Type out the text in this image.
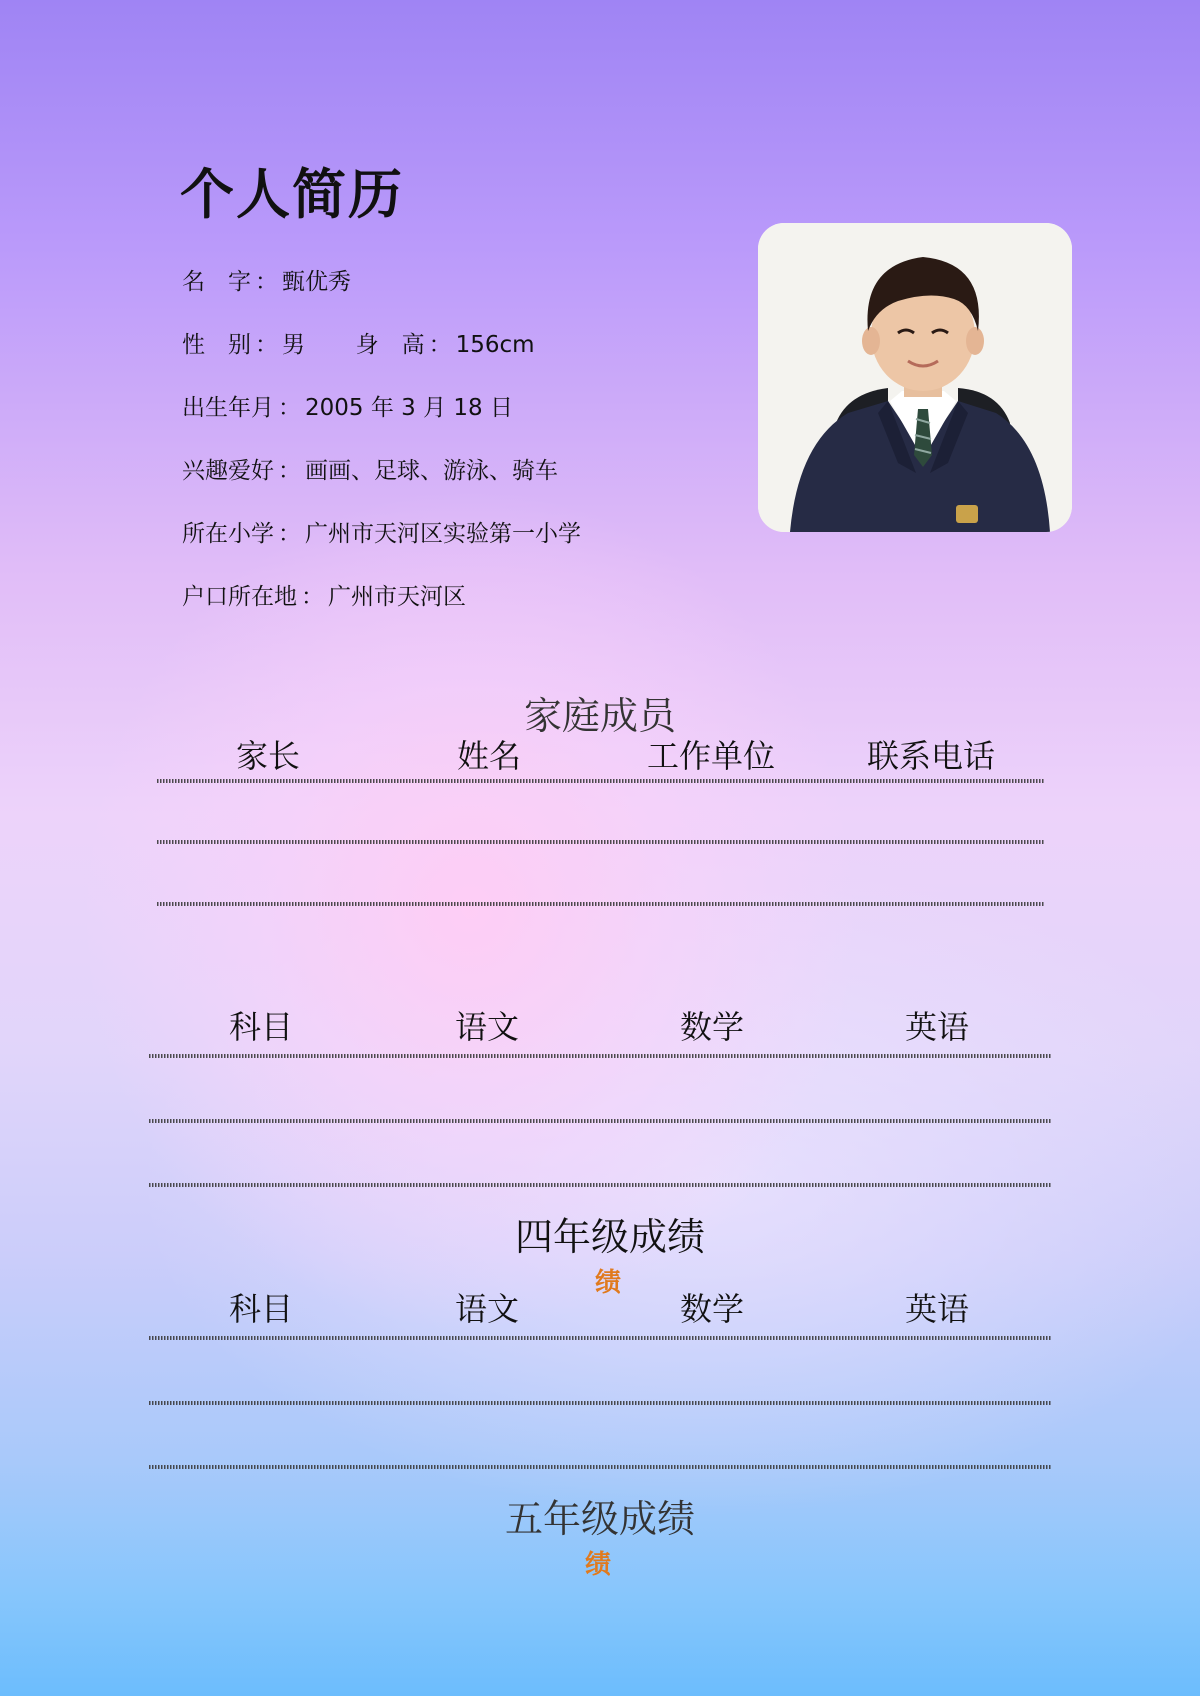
个人简历
名　字 ： 甄优秀
性　别 ： 男 身　高 ： 156cm
出生年月 ： 2005 年 3 月 18 日
兴趣爱好 ： 画画、足球、游泳、骑车
所在小学 ： 广州市天河区实验第一小学
户口所在地 ： 广州市天河区
家庭成员
家长	姓名	工作单位	联系电话
科目	语文	数学	英语
四年级成绩
绩
科目	语文	数学	英语
五年级成绩
绩
